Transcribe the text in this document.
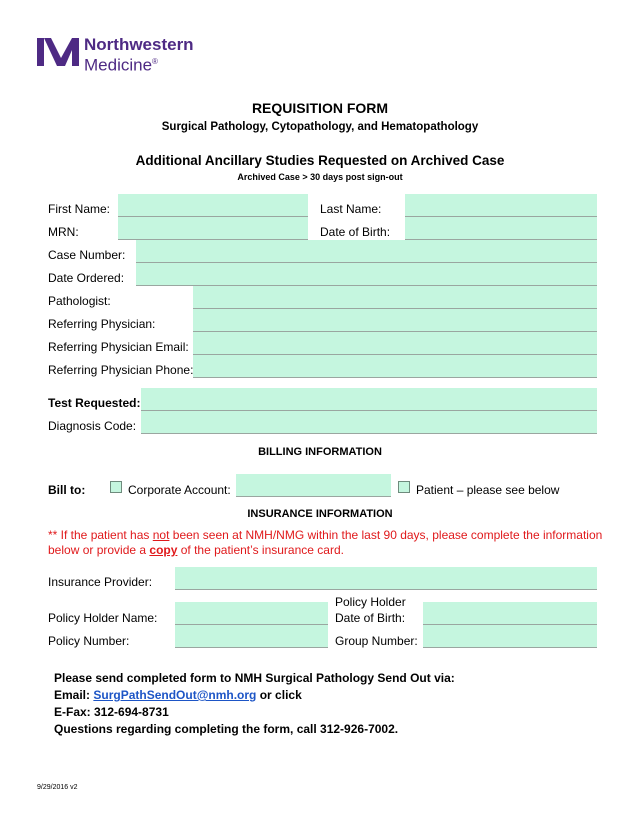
Northwestern
Medicine®
REQUISITION FORM
Surgical Pathology, Cytopathology, and Hematopathology
Additional Ancillary Studies Requested on Archived Case
Archived Case > 30 days post sign-out
First Name:	Last Name:
MRN:	Date of Birth:
Case Number:
Date Ordered:
Pathologist:
Referring Physician:
Referring Physician Email:
Referring Physician Phone:
Test Requested:
Diagnosis Code:
BILLING INFORMATION
Bill to:	Corporate Account:	Patient – please see below
INSURANCE INFORMATION
** If the patient has not been seen at NMH/NMG within the last 90 days, please complete the information
below or provide a copy of the patient’s insurance card.
Insurance Provider:
Policy Holder Name:
Policy Holder
Date of Birth:
Policy Number:	Group Number:
Please send completed form to NMH Surgical Pathology Send Out via:
Email: SurgPathSendOut@nmh.org or click
E-Fax: 312-694-8731
Questions regarding completing the form, call 312-926-7002.
9/29/2016 v2
